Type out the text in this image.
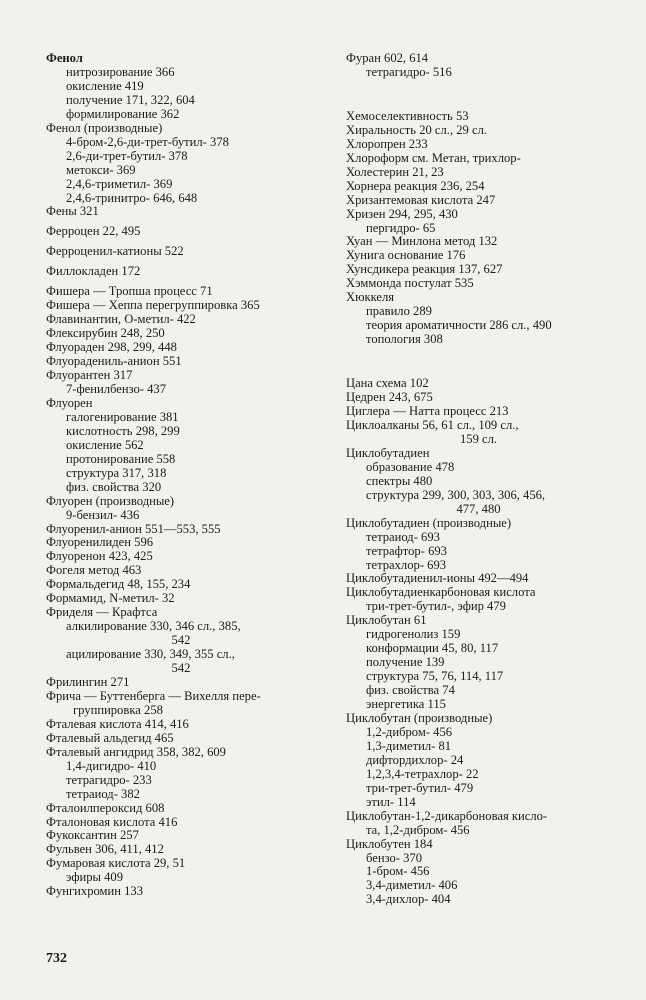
Фенол
нитрозирование 366
окисление 419
получение 171, 322, 604
формилирование 362
Фенол (производные)
4-бром-2,6-ди-трет-бутил- 378
2,6-ди-трет-бутил- 378
метокси- 369
2,4,6-триметил- 369
2,4,6-тринитро- 646, 648
Фены 321
Ферроцен 22, 495
Ферроценил-катионы 522
Филлокладен 172
Фишера — Тропша процесс 71
Фишера — Хеппа перегруппировка 365
Флавинантин, О-метил- 422
Флексирубин 248, 250
Флуораден 298, 299, 448
Флуорадениль-анион 551
Флуорантен 317
7-фенилбензо- 437
Флуорен
галогенирование 381
кислотность 298, 299
окисление 562
протонирование 558
структура 317, 318
физ. свойства 320
Флуорен (производные)
9-бензил- 436
Флуоренил-анион 551—553, 555
Флуоренилиден 596
Флуоренон 423, 425
Фогеля метод 463
Формальдегид 48, 155, 234
Формамид, N-метил- 32
Фриделя — Крафтса
алкилирование 330, 346 сл., 385,
542
ацилирование 330, 349, 355 сл.,
542
Фрилингин 271
Фрича — Буттенберга — Вихелля пере-
группировка 258
Фталевая кислота 414, 416
Фталевый альдегид 465
Фталевый ангидрид 358, 382, 609
1,4-дигидро- 410
тетрагидро- 233
тетраиод- 382
Фталоилпероксид 608
Фталоновая кислота 416
Фукоксантин 257
Фульвен 306, 411, 412
Фумаровая кислота 29, 51
эфиры 409
Фунгихромин 133
Фуран 602, 614
тетрагидро- 516
Хемоселективность 53
Хиральность 20 сл., 29 сл.
Хлоропрен 233
Хлороформ см. Метан, трихлор-
Холестерин 21, 23
Хорнера реакция 236, 254
Хризантемовая кислота 247
Хризен 294, 295, 430
пергидро- 65
Хуан — Минлона метод 132
Хунига основание 176
Хунсдикера реакция 137, 627
Хэммонда постулат 535
Хюккеля
правило 289
теория ароматичности 286 сл., 490
топология 308
Цана схема 102
Цедрен 243, 675
Циглера — Натта процесс 213
Циклоалканы 56, 61 сл., 109 сл.,
159 сл.
Циклобутадиен
образование 478
спектры 480
структура 299, 300, 303, 306, 456,
477, 480
Циклобутадиен (производные)
тетраиод- 693
тетрафтор- 693
тетрахлор- 693
Циклобутадиенил-ионы 492—494
Циклобутадиенкарбоновая кислота
три-трет-бутил-, эфир 479
Циклобутан 61
гидрогенолиз 159
конформации 45, 80, 117
получение 139
структура 75, 76, 114, 117
физ. свойства 74
энергетика 115
Циклобутан (производные)
1,2-дибром- 456
1,3-диметил- 81
дифтордихлор- 24
1,2,3,4-тетрахлор- 22
три-трет-бутил- 479
этил- 114
Циклобутан-1,2-дикарбоновая кисло-
та, 1,2-дибром- 456
Циклобутен 184
бензо- 370
1-бром- 456
3,4-диметил- 406
3,4-дихлор- 404
732
